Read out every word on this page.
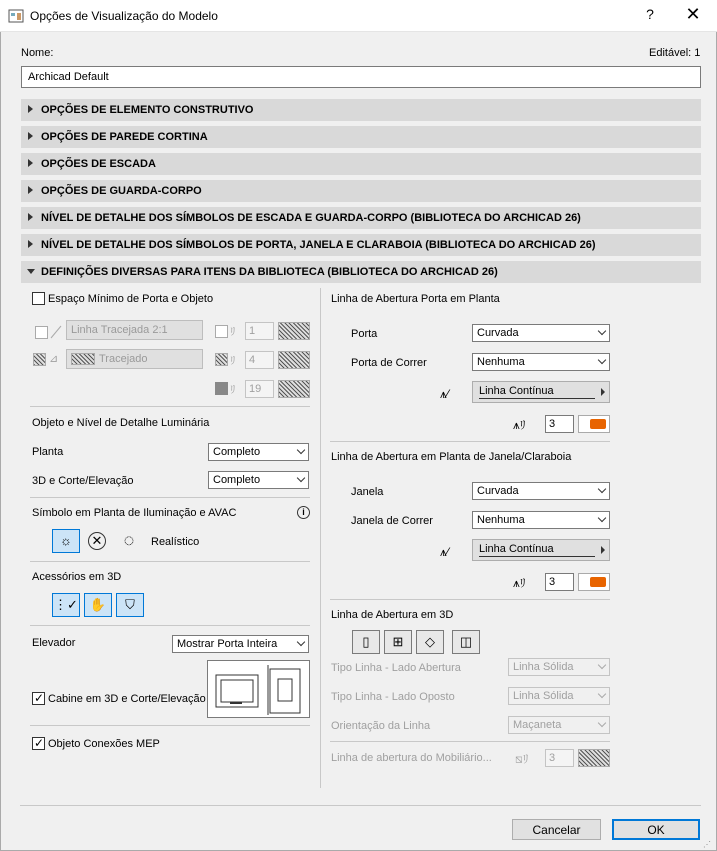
Opções de Visualização do Modelo	?	✕
Nome:	Editável: 1
Archicad Default
OPÇÕES DE ELEMENTO CONSTRUTIVO
OPÇÕES DE PAREDE CORTINA
OPÇÕES DE ESCADA
OPÇÕES DE GUARDA-CORPO
NÍVEL DE DETALHE DOS SÍMBOLOS DE ESCADA E GUARDA-CORPO (BIBLIOTECA DO ARCHICAD 26)
NÍVEL DE DETALHE DOS SÍMBOLOS DE PORTA, JANELA E CLARABOIA (BIBLIOTECA DO ARCHICAD 26)
DEFINIÇÕES DIVERSAS PARA ITENS DA BIBLIOTECA (BIBLIOTECA DO ARCHICAD 26)
Espaço Mínimo de Porta e Objeto
Linha Tracejada 2:1	ﾘ	1
⊿	Tracejado	ﾘ	4
ﾘ	19
Objeto e Nível de Detalhe Luminária
Planta	Completo
3D e Corte/Elevação	Completo
Símbolo em Planta de Iluminação e AVAC	i
☼	✕	◌	Realístico
Acessórios em 3D
⋮✓ ✋	⛉
Elevador	Mostrar Porta Inteira
✓
Cabine em 3D e Corte/Elevação
✓
Objeto Conexões MEP
Linha de Abertura Porta em Planta
Porta	Curvada
Porta de Correr	Nenhuma
⩚⁄	Linha Contínua
⩚ﾘ	3
Linha de Abertura em Planta de Janela/Claraboia
Janela	Curvada
Janela de Correr	Nenhuma
⩚⁄	Linha Contínua
⩚ﾘ	3
Linha de Abertura em 3D
▯	⊞	◇	◫
Tipo Linha - Lado Abertura	Linha Sólida
Tipo Linha - Lado Oposto	Linha Sólida
Orientação da Linha	Maçaneta
Linha de abertura do Mobiliário... ⧅ﾘ	3
Cancelar	OK
⋰
